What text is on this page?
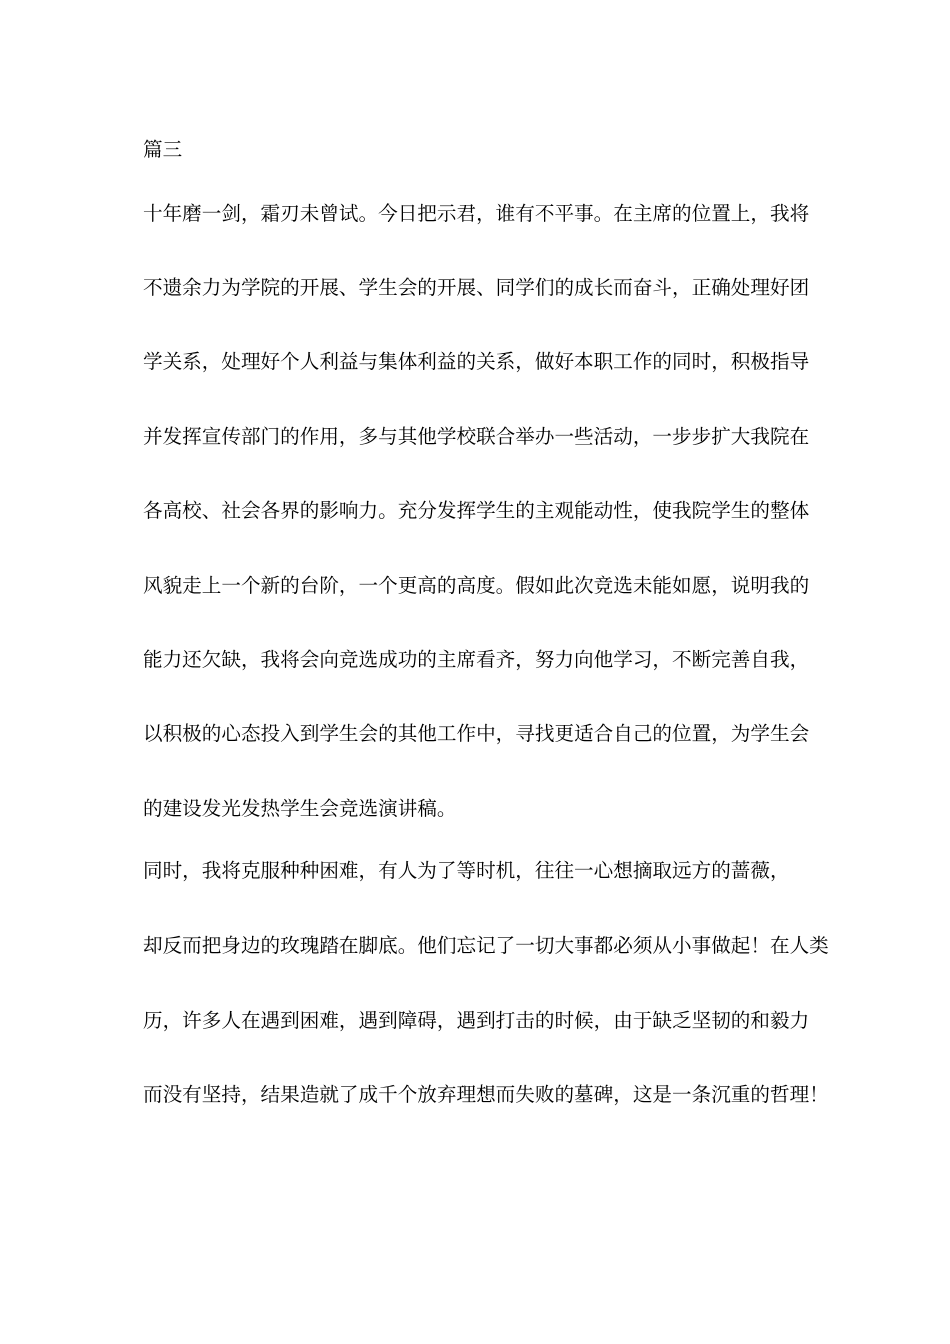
篇三
十年磨一剑，霜刃未曾试。今日把示君，谁有不平事。在主席的位置上，我将
不遗余力为学院的开展、学生会的开展、同学们的成长而奋斗，正确处理好团
学关系，处理好个人利益与集体利益的关系，做好本职工作的同时，积极指导
并发挥宣传部门的作用，多与其他学校联合举办一些活动，一步步扩大我院在
各高校、社会各界的影响力。充分发挥学生的主观能动性，使我院学生的整体
风貌走上一个新的台阶，一个更高的高度。假如此次竞选未能如愿，说明我的
能力还欠缺，我将会向竞选成功的主席看齐，努力向他学习，不断完善自我，
以积极的心态投入到学生会的其他工作中，寻找更适合自己的位置，为学生会
的建设发光发热学生会竞选演讲稿。
同时，我将克服种种困难，有人为了等时机，往往一心想摘取远方的蔷薇，
却反而把身边的玫瑰踏在脚底。他们忘记了一切大事都必须从小事做起！在人类
历，许多人在遇到困难，遇到障碍，遇到打击的时候，由于缺乏坚韧的和毅力
而没有坚持，结果造就了成千个放弃理想而失败的墓碑，这是一条沉重的哲理！
